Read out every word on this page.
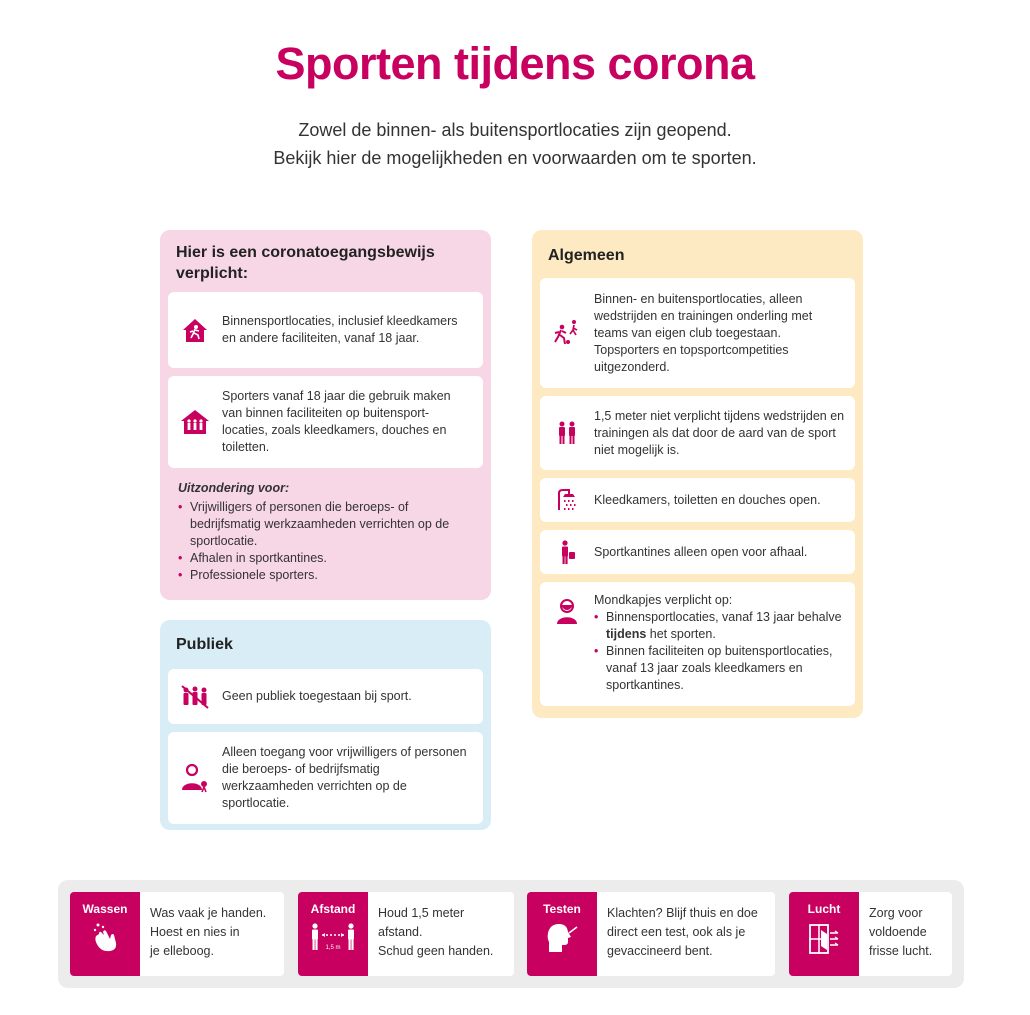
Sporten tijdens corona
Zowel de binnen- als buitensportlocaties zijn geopend.
Bekijk hier de mogelijkheden en voorwaarden om te sporten.
Hier is een coronatoegangsbewijs verplicht:
Binnensportlocaties, inclusief kleedkamers en andere faciliteiten, vanaf 18 jaar.
Sporters vanaf 18 jaar die gebruik maken van binnen faciliteiten op buitensport-locaties, zoals kleedkamers, douches en toiletten.
Uitzondering voor:
• Vrijwilligers of personen die beroeps- of bedrijfsmatig werkzaamheden verrichten op de sportlocatie.
• Afhalen in sportkantines.
• Professionele sporters.
Publiek
Geen publiek toegestaan bij sport.
Alleen toegang voor vrijwilligers of personen die beroeps- of bedrijfsmatig werkzaamheden verrichten op de sportlocatie.
Algemeen
Binnen- en buitensportlocaties, alleen wedstrijden en trainingen onderling met teams van eigen club toegestaan. Topsporters en topsportcompetities uitgezonderd.
1,5 meter niet verplicht tijdens wedstrijden en trainingen als dat door de aard van de sport niet mogelijk is.
Kleedkamers, toiletten en douches open.
Sportkantines alleen open voor afhaal.
Mondkapjes verplicht op:
• Binnensportlocaties, vanaf 13 jaar behalve tijdens het sporten.
• Binnen faciliteiten op buitensportlocaties, vanaf 13 jaar zoals kleedkamers en sportkantines.
Wassen Was vaak je handen.
Hoest en nies in
je elleboog.
Afstand
1,5 m
Houd 1,5 meter
afstand.
Schud geen handen.
Testen Klachten? Blijf thuis en doe
direct een test, ook als je
gevaccineerd bent.
Lucht Zorg voor
voldoende
frisse lucht.
